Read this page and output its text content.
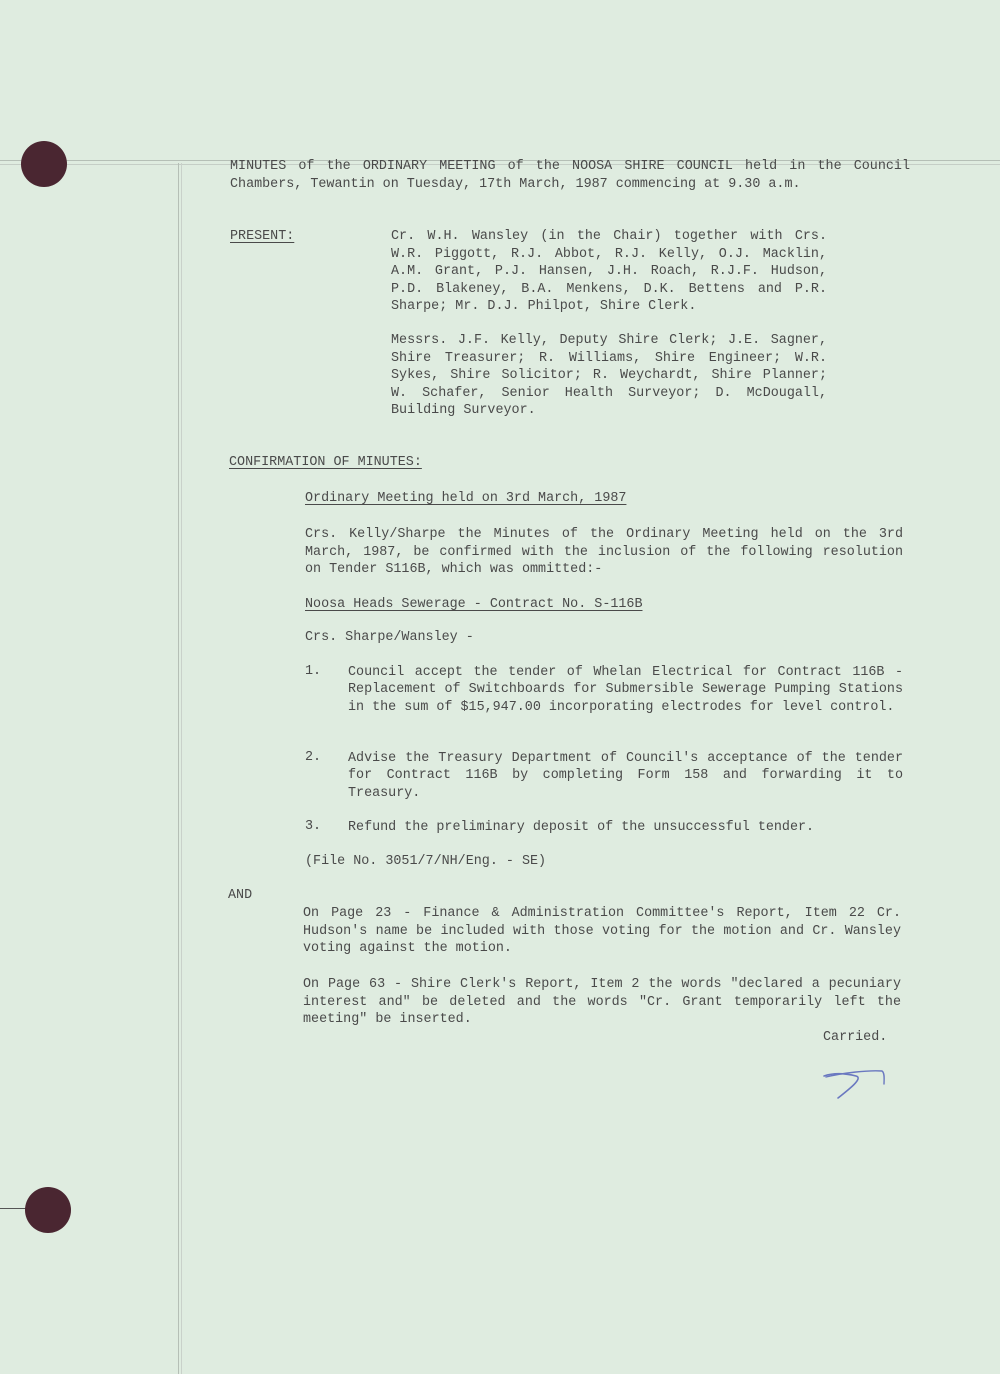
MINUTES of the ORDINARY MEETING of the NOOSA SHIRE COUNCIL held in the Council Chambers, Tewantin on Tuesday, 17th March, 1987 commencing at 9.30 a.m.
PRESENT:	Cr. W.H. Wansley (in the Chair) together with Crs. W.R. Piggott, R.J. Abbot, R.J. Kelly, O.J. Macklin, A.M. Grant, P.J. Hansen, J.H. Roach, R.J.F. Hudson, P.D. Blakeney, B.A. Menkens, D.K. Bettens and P.R. Sharpe; Mr. D.J. Philpot, Shire Clerk.
Messrs. J.F. Kelly, Deputy Shire Clerk; J.E. Sagner, Shire Treasurer; R. Williams, Shire Engineer; W.R. Sykes, Shire Solicitor; R. Weychardt, Shire Planner; W. Schafer, Senior Health Surveyor; D. McDougall, Building Surveyor.
CONFIRMATION OF MINUTES:
Ordinary Meeting held on 3rd March, 1987
Crs. Kelly/Sharpe the Minutes of the Ordinary Meeting held on the 3rd March, 1987, be confirmed with the inclusion of the following resolution on Tender S116B, which was ommitted:-
Noosa Heads Sewerage - Contract No. S-116B
Crs. Sharpe/Wansley -
1. Council accept the tender of Whelan Electrical for Contract 116B - Replacement of Switchboards for Submersible Sewerage Pumping Stations in the sum of $15,947.00 incorporating electrodes for level control.
2. Advise the Treasury Department of Council's acceptance of the tender for Contract 116B by completing Form 158 and forwarding it to Treasury.
3. Refund the preliminary deposit of the unsuccessful tender.
(File No. 3051/7/NH/Eng. - SE)
AND
On Page 23 - Finance & Administration Committee's Report, Item 22 Cr. Hudson's name be included with those voting for the motion and Cr. Wansley voting against the motion.
On Page 63 - Shire Clerk's Report, Item 2 the words "declared a pecuniary interest and" be deleted and the words "Cr. Grant temporarily left the meeting" be inserted.
Carried.
